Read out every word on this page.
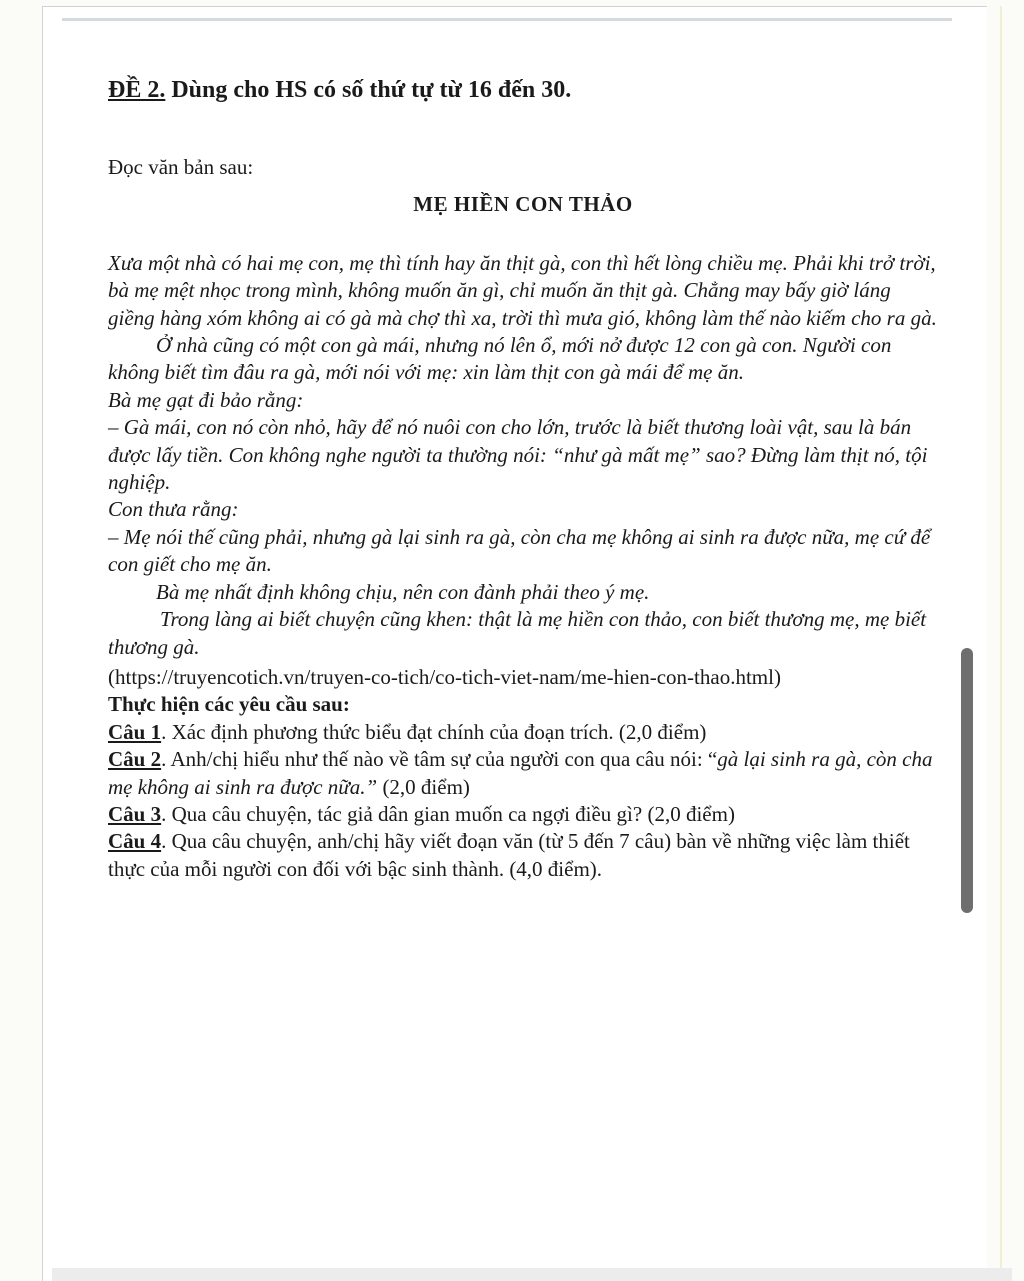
ĐỀ 2. Dùng cho HS có số thứ tự từ 16 đến 30.

Đọc văn bản sau:

MẸ HIỀN CON THẢO

Xưa một nhà có hai mẹ con, mẹ thì tính hay ăn thịt gà, con thì hết lòng chiều mẹ. Phải khi trở trời, bà mẹ mệt nhọc trong mình, không muốn ăn gì, chỉ muốn ăn thịt gà. Chẳng may bấy giờ láng giềng hàng xóm không ai có gà mà chợ thì xa, trời thì mưa gió, không làm thế nào kiếm cho ra gà.

Ở nhà cũng có một con gà mái, nhưng nó lên ổ, mới nở được 12 con gà con. Người con không biết tìm đâu ra gà, mới nói với mẹ: xin làm thịt con gà mái để mẹ ăn.

Bà mẹ gạt đi bảo rằng:

– Gà mái, con nó còn nhỏ, hãy để nó nuôi con cho lớn, trước là biết thương loài vật, sau là bán được lấy tiền. Con không nghe người ta thường nói: “như gà mất mẹ” sao? Đừng làm thịt nó, tội nghiệp.

Con thưa rằng:

– Mẹ nói thế cũng phải, nhưng gà lại sinh ra gà, còn cha mẹ không ai sinh ra được nữa, mẹ cứ để con giết cho mẹ ăn.

Bà mẹ nhất định không chịu, nên con đành phải theo ý mẹ.

Trong làng ai biết chuyện cũng khen: thật là mẹ hiền con thảo, con biết thương mẹ, mẹ biết thương gà.

(https://truyencotich.vn/truyen-co-tich/co-tich-viet-nam/me-hien-con-thao.html)

Thực hiện các yêu cầu sau:

Câu 1. Xác định phương thức biểu đạt chính của đoạn trích. (2,0 điểm)

Câu 2. Anh/chị hiểu như thế nào về tâm sự của người con qua câu nói: “gà lại sinh ra gà, còn cha mẹ không ai sinh ra được nữa.” (2,0 điểm)

Câu 3. Qua câu chuyện, tác giả dân gian muốn ca ngợi điều gì? (2,0 điểm)

Câu 4. Qua câu chuyện, anh/chị hãy viết đoạn văn (từ 5 đến 7 câu) bàn về những việc làm thiết thực của mỗi người con đối với bậc sinh thành. (4,0 điểm).
